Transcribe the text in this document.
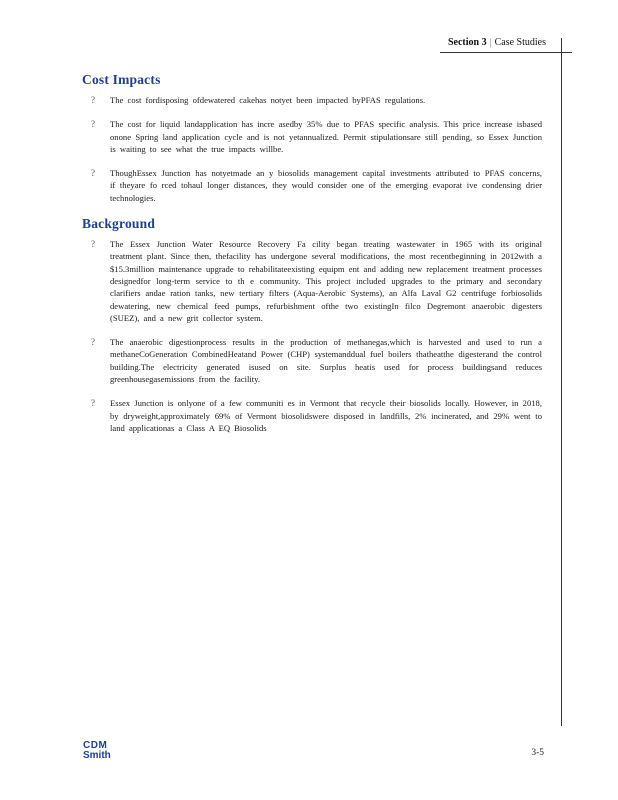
Section 3 | Case Studies
Cost Impacts
? The cost fordisposing ofdewatered cakehas notyet been impacted byPFAS regulations.
? The cost for liquid landapplication has incre asedby 35% due to PFAS specific analysis. This price increase isbased onone Spring land application cycle and is not yetannualized. Permit stipulationsare still pending, so Essex Junction is waiting to see what the true impacts willbe.
? ThoughEssex Junction has notyetmade an y biosolids management capital investments attributed to PFAS concerns, if theyare fo rced tohaul longer distances, they would consider one of the emerging evaporat ive condensing drier technologies.
Background
? The Essex Junction Water Resource Recovery Fa cility began treating wastewater in 1965 with its original treatment plant. Since then, thefacility has undergone several modifications, the most recentbeginning in 2012with a $15.3million maintenance upgrade to rehabilitateexisting equipm ent and adding new replacement treatment processes designedfor long-term service to th e community. This project included upgrades to the primary and secondary clarifiers andae ration tanks, new tertiary filters (Aqua-Aerobic Systems), an Alfa Laval G2 centrifuge forbiosolids dewatering, new chemical feed pumps, refurbishment ofthe two existingIn filco Degremont anaerobic digesters (SUEZ), and a new grit collector system.
? The anaerobic digestionprocess results in the production of methanegas,which is harvested and used to run a methaneCoGeneration CombinedHeatand Power (CHP) systemanddual fuel boilers thatheatthe digesterand the control building.The electricity generated isused on site. Surplus heatis used for process buildingsand reduces greenhousegasemissions from the facility.
? Essex Junction is onlyone of a few communiti es in Vermont that recycle their biosolids locally. However, in 2018, by dryweight,approximately 69% of Vermont biosolidswere disposed in landfills, 2% incinerated, and 29% went to land applicationas a Class A EQ Biosolids
CDM
Smith	3-5
